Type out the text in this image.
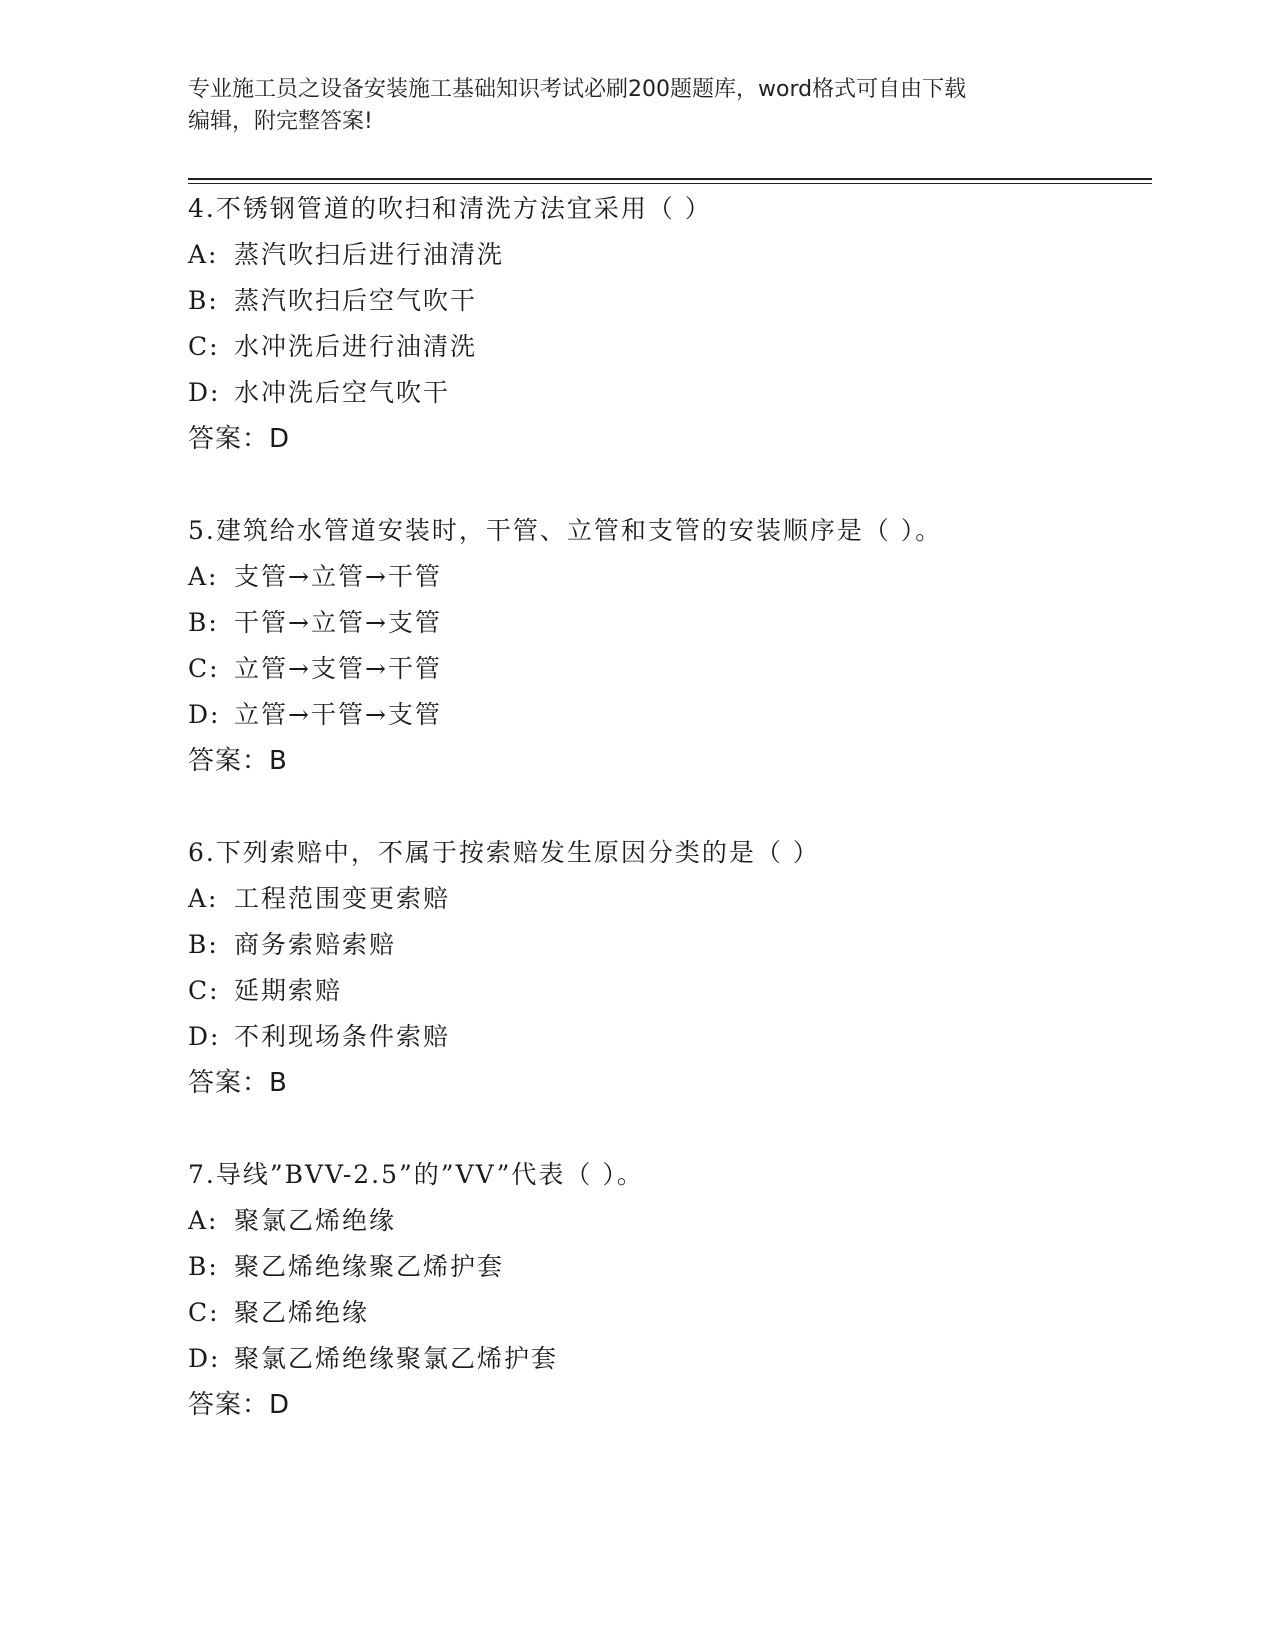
专业施工员之设备安装施工基础知识考试必刷200题题库，word格式可自由下载
编辑，附完整答案!

4.不锈钢管道的吹扫和清洗方法宜采用（ ）

A: 蒸汽吹扫后进行油清洗

B: 蒸汽吹扫后空气吹干

C: 水冲洗后进行油清洗

D: 水冲洗后空气吹干

答案：D

5.建筑给水管道安装时，干管、立管和支管的安装顺序是（ ）。

A: 支管→立管→干管

B: 干管→立管→支管

C: 立管→支管→干管

D: 立管→干管→支管

答案：B

6.下列索赔中，不属于按索赔发生原因分类的是（ ）

A: 工程范围变更索赔

B: 商务索赔索赔

C: 延期索赔

D: 不利现场条件索赔

答案：B

7.导线”BVV-2.5”的”VV”代表（ ）。

A: 聚氯乙烯绝缘

B: 聚乙烯绝缘聚乙烯护套

C: 聚乙烯绝缘

D: 聚氯乙烯绝缘聚氯乙烯护套

答案：D
